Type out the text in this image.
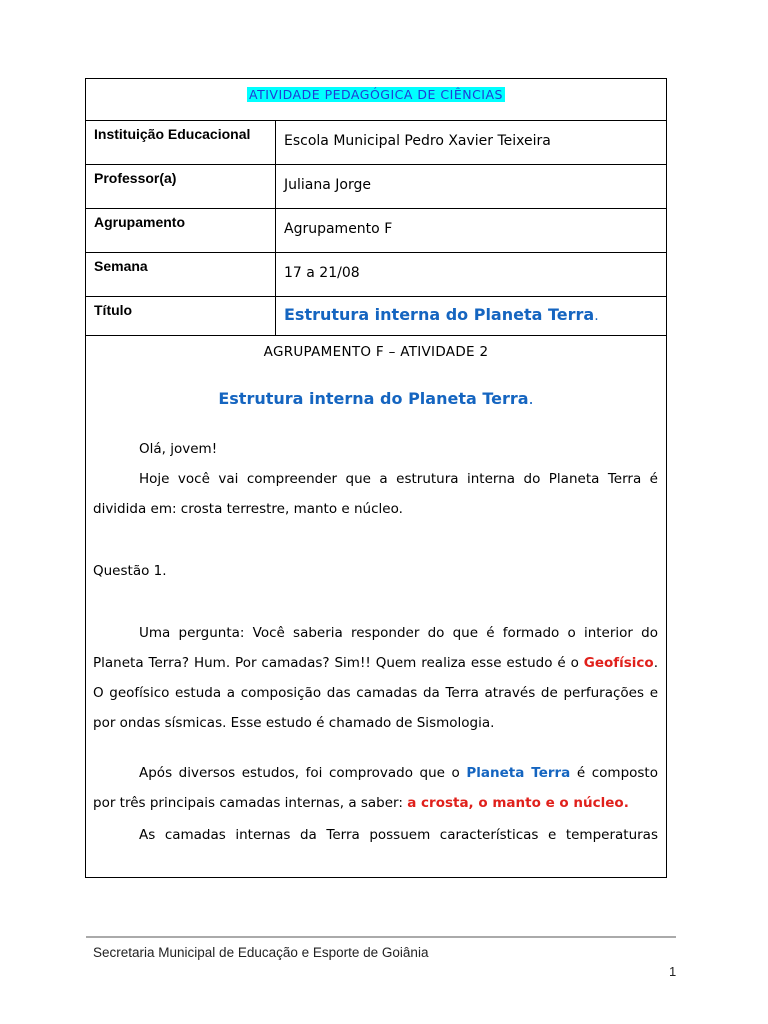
ATIVIDADE PEDAGÓGICA DE CIÊNCIAS
Instituição Educacional	Escola Municipal Pedro Xavier Teixeira
Professor(a)	Juliana Jorge
Agrupamento	Agrupamento F
Semana	17 a 21/08
Título	Estrutura interna do Planeta Terra.
AGRUPAMENTO F – ATIVIDADE 2
Estrutura interna do Planeta Terra.
Olá, jovem!
Hoje você vai compreender que a estrutura interna do Planeta Terra é dividida em: crosta terrestre, manto e núcleo.
Questão 1.
Uma pergunta: Você saberia responder do que é formado o interior do Planeta Terra? Hum. Por camadas? Sim!! Quem realiza esse estudo é o Geofísico. O geofísico estuda a composição das camadas da Terra através de perfurações e por ondas sísmicas. Esse estudo é chamado de Sismologia.
Após diversos estudos, foi comprovado que o Planeta Terra é composto por três principais camadas internas, a saber: a crosta, o manto e o núcleo.
As camadas internas da Terra possuem características e temperaturas
Secretaria Municipal de Educação e Esporte de Goiânia
1
